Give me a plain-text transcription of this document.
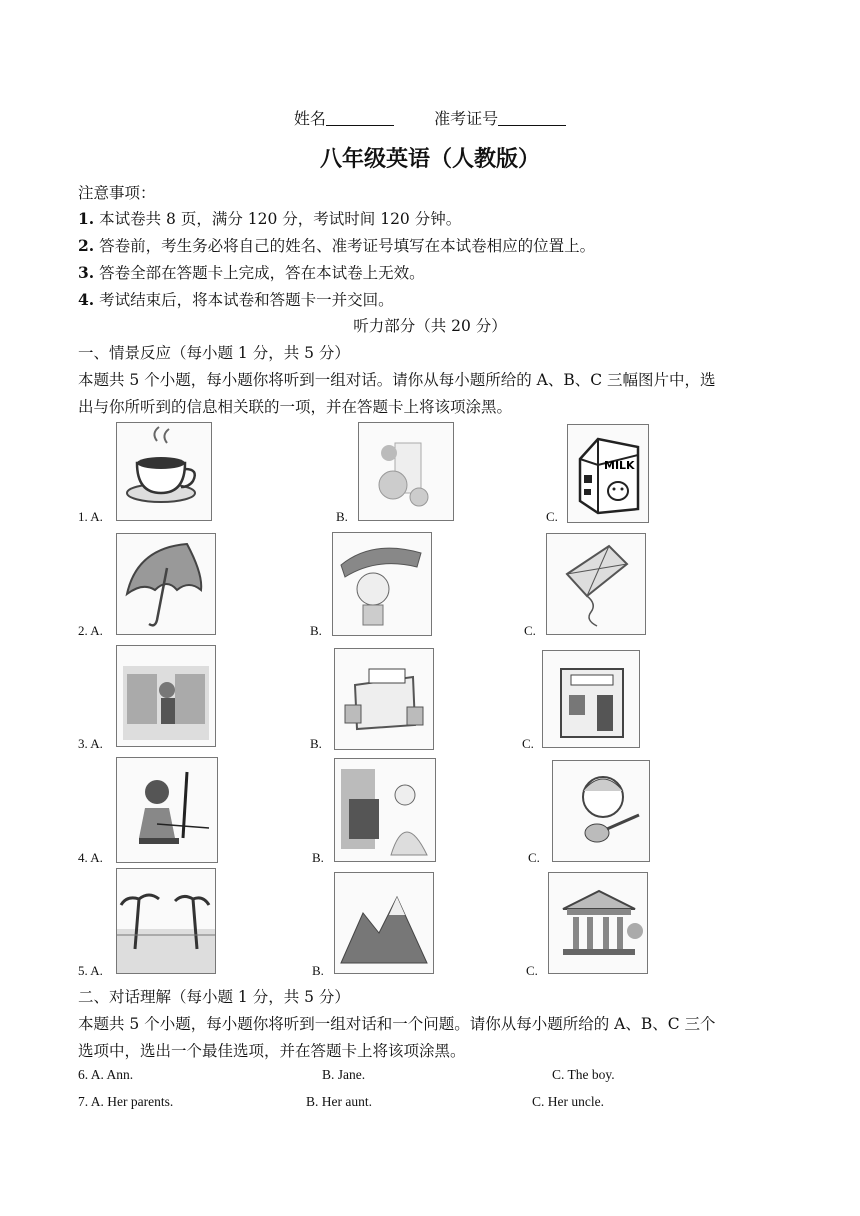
姓名	准考证号
八年级英语（人教版）
注意事项：
1. 本试卷共 8 页，满分 120 分，考试时间 120 分钟。
2. 答卷前，考生务必将自己的姓名、准考证号填写在本试卷相应的位置上。
3. 答卷全部在答题卡上完成，答在本试卷上无效。
4. 考试结束后，将本试卷和答题卡一并交回。
听力部分（共 20 分）
一、情景反应（每小题 1 分，共 5 分）
本题共 5 个小题，每小题你将听到一组对话。请你从每小题所给的 A、B、C 三幅图片中，选
出与你所听到的信息相关联的一项，并在答题卡上将该项涂黑。
MILK
1. A.	B.	C.
2. A.	B.	C.
3. A.	B.	C.
4. A.	B.	C.
5. A.	B.	C.
二、对话理解（每小题 1 分，共 5 分）
本题共 5 个小题，每小题你将听到一组对话和一个问题。请你从每小题所给的 A、B、C 三个
选项中，选出一个最佳选项，并在答题卡上将该项涂黑。
6. A. Ann.	B. Jane.	C. The boy.
7. A. Her parents.	B. Her aunt.	C. Her uncle.
